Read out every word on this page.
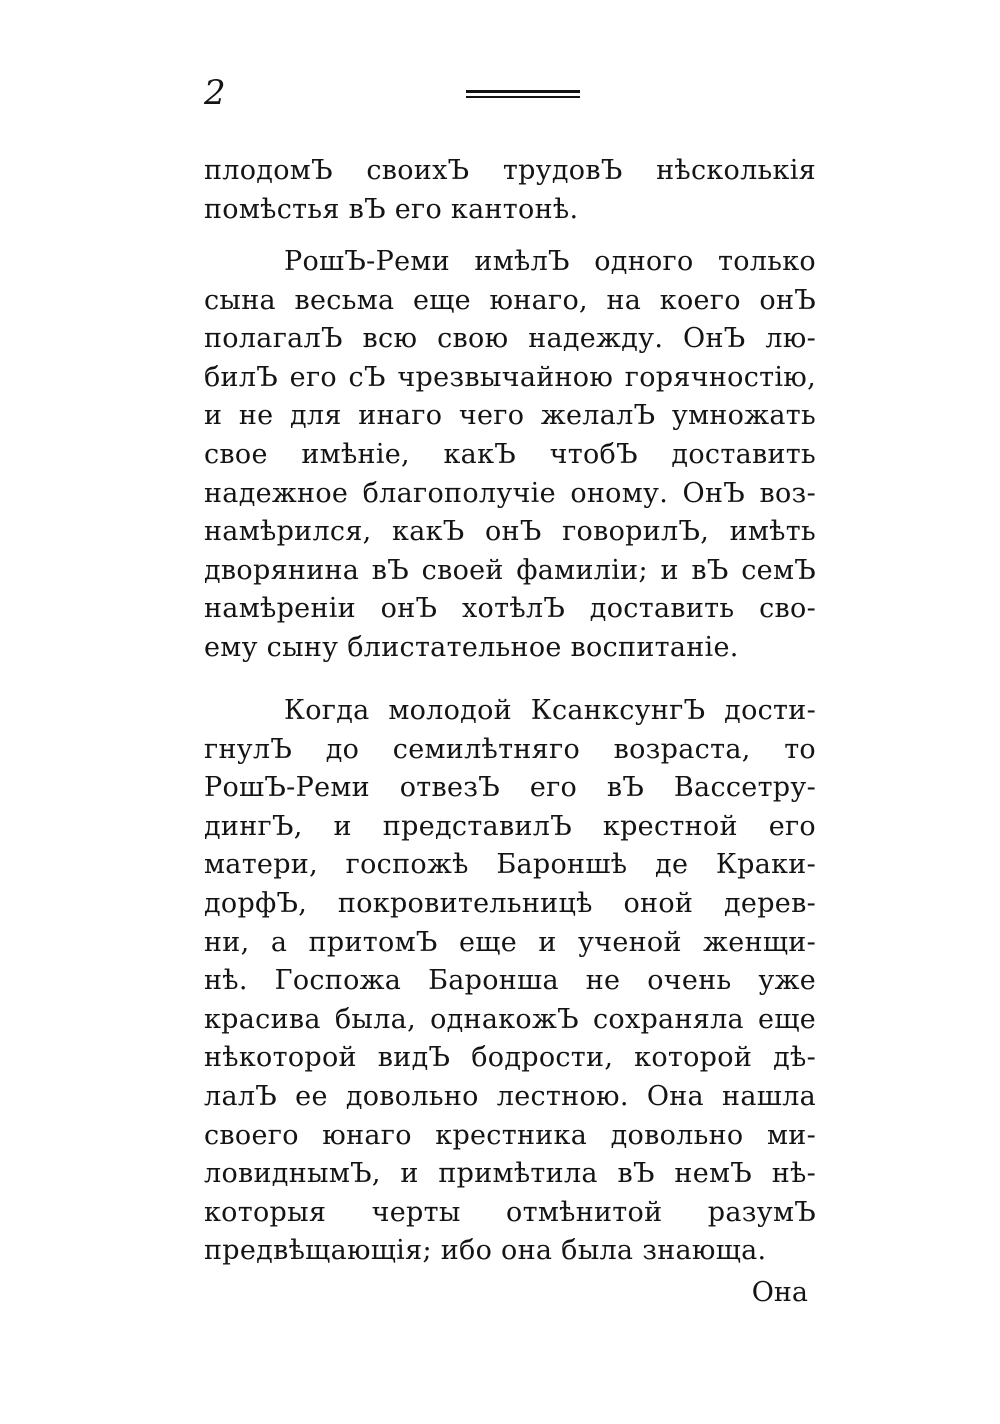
2
плодомЪ своихЪ трудовЪ нѣсколькія
помѣстья вЪ его кантонѣ.
РошЪ-Реми имѣлЪ одного только
сына весьма еще юнаго, на коего онЪ
полагалЪ всю свою надежду. ОнЪ лю-
билЪ его сЪ чрезвычайною горячностію,
и не для инаго чего желалЪ умножать
свое имѣніе, какЪ чтобЪ доставить
надежное благополучіе оному. ОнЪ воз-
намѣрился, какЪ онЪ говорилЪ, имѣть
дворянина вЪ своей фамиліи; и вЪ семЪ
намѣреніи онЪ хотѣлЪ доставить сво-
ему сыну блистательное воспитаніе.
Когда молодой КсанксунгЪ дости-
гнулЪ до семилѣтняго возраста, то
РошЪ-Реми отвезЪ его вЪ Вассетру-
дингЪ, и представилЪ крестной его
матери, госпожѣ Бароншѣ де Краки-
дорфЪ, покровительницѣ оной дерев-
ни, а притомЪ еще и ученой женщи-
нѣ. Госпожа Баронша не очень уже
красива была, однакожЪ сохраняла еще
нѣкоторой видЪ бодрости, которой дѣ-
лалЪ ее довольно лестною. Она нашла
своего юнаго крестника довольно ми-
ловиднымЪ, и примѣтила вЪ немЪ нѣ-
которыя черты отмѣнитой разумЪ
предвѣщающія; ибо она была знающа.
Она
